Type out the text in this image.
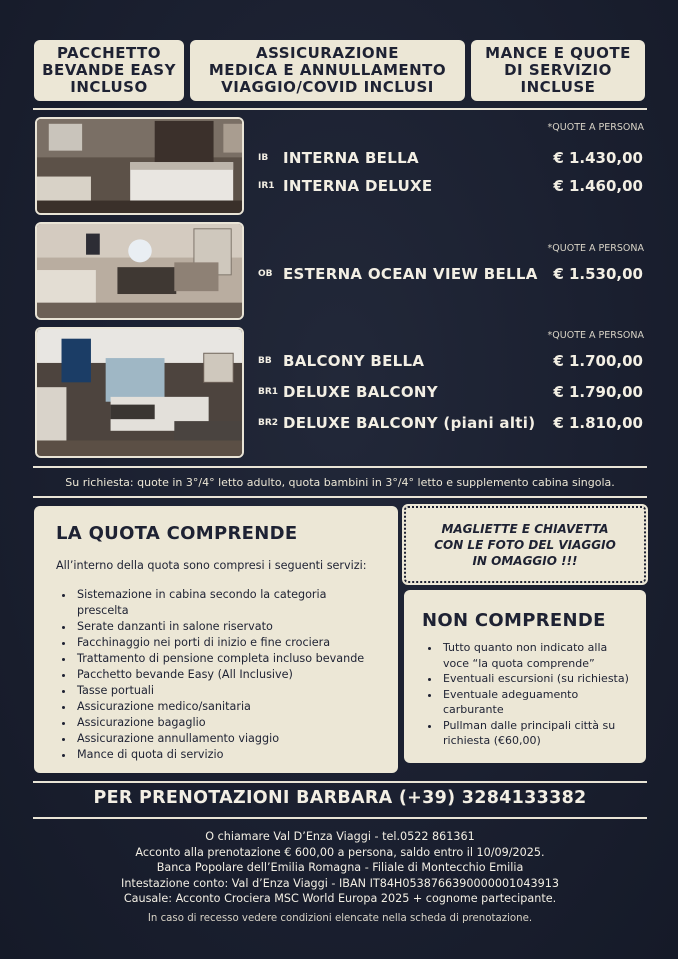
PACCHETTO
BEVANDE EASY
INCLUSO
ASSICURAZIONE
MEDICA E ANNULLAMENTO
VIAGGIO/COVID INCLUSI
MANCE E QUOTE
DI SERVIZIO
INCLUSE
*QUOTE A PERSONA
IB INTERNA BELLA	€ 1.430,00
IR1 INTERNA DELUXE	€ 1.460,00
*QUOTE A PERSONA
OB ESTERNA OCEAN VIEW BELLA	€ 1.530,00
*QUOTE A PERSONA
BB BALCONY BELLA	€ 1.700,00
BR1 DELUXE BALCONY	€ 1.790,00
BR2 DELUXE BALCONY (piani alti)	€ 1.810,00
Su richiesta: quote in 3°/4° letto adulto, quota bambini in 3°/4° letto e supplemento cabina singola.
LA QUOTA COMPRENDE
All’interno della quota sono compresi i seguenti servizi:
• Sistemazione in cabina secondo la categoria prescelta
• Serate danzanti in salone riservato
• Facchinaggio nei porti di inizio e fine crociera
• Trattamento di pensione completa incluso bevande
• Pacchetto bevande Easy (All Inclusive)
• Tasse portuali
• Assicurazione medico/sanitaria
• Assicurazione bagaglio
• Assicurazione annullamento viaggio
• Mance di quota di servizio
MAGLIETTE E CHIAVETTA
CON LE FOTO DEL VIAGGIO
IN OMAGGIO !!!
NON COMPRENDE
• Tutto quanto non indicato alla voce “la quota comprende”
• Eventuali escursioni (su richiesta)
• Eventuale adeguamento carburante
• Pullman dalle principali città su richiesta (€60,00)
PER PRENOTAZIONI BARBARA (+39) 3284133382
O chiamare Val D’Enza Viaggi - tel.0522 861361
Acconto alla prenotazione € 600,00 a persona, saldo entro il 10/09/2025.
Banca Popolare dell’Emilia Romagna - Filiale di Montecchio Emilia
Intestazione conto: Val d’Enza Viaggi - IBAN IT84H0538766390000001043913
Causale: Acconto Crociera MSC World Europa 2025 + cognome partecipante.
In caso di recesso vedere condizioni elencate nella scheda di prenotazione.
